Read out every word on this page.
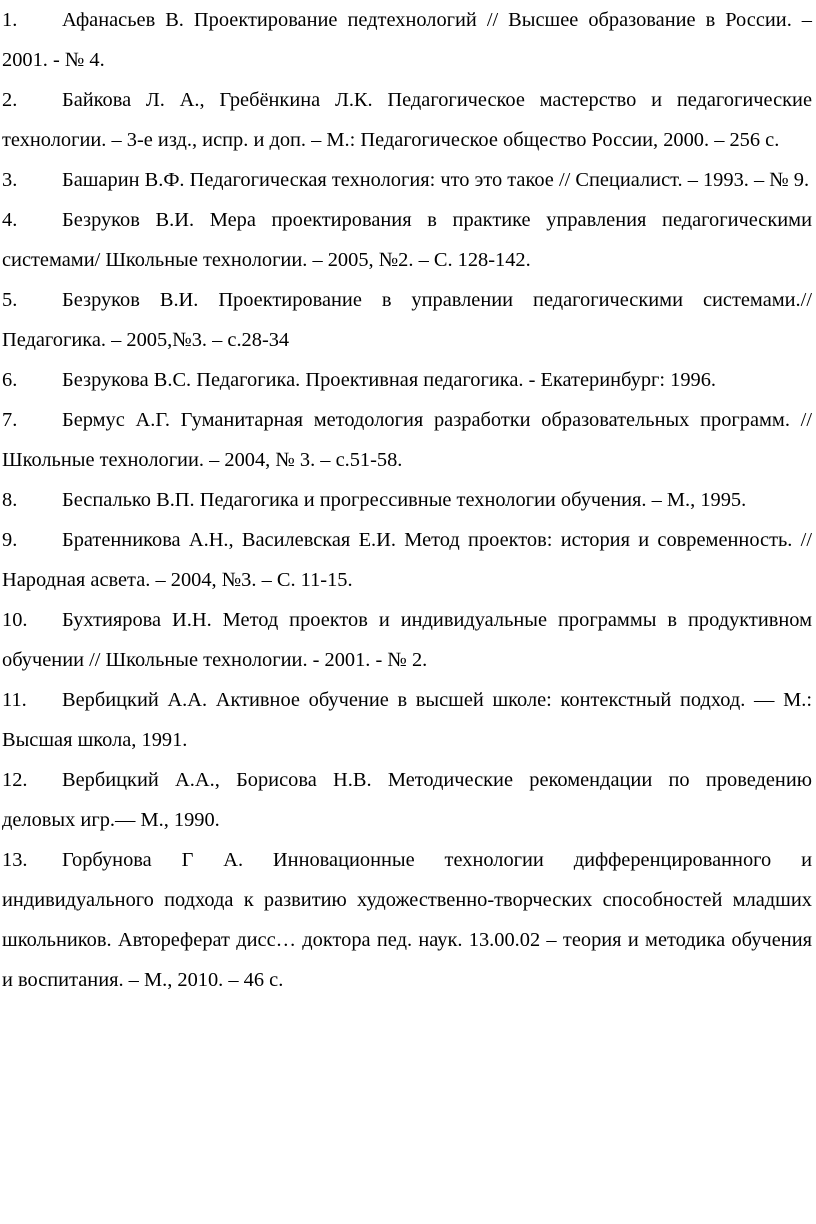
1. Афанасьев В. Проектирование педтехнологий // Высшее образование в России. – 2001. - № 4.

2. Байкова Л. А., Гребёнкина Л.К. Педагогическое мастерство и педагогические технологии. – 3-е изд., испр. и доп. – М.: Педагогическое общество России, 2000. – 256 с.

3. Башарин В.Ф. Педагогическая технология: что это такое // Специалист. – 1993. – № 9.

4. Безруков В.И. Мера проектирования в практике управления педагогическими системами/ Школьные технологии. – 2005, №2. – С. 128-142.

5. Безруков В.И. Проектирование в управлении педагогическими системами.// Педагогика. – 2005,№3. – с.28-34

6. Безрукова В.С. Педагогика. Проективная педагогика. - Екатеринбург: 1996.

7. Бермус А.Г. Гуманитарная методология разработки образовательных программ. // Школьные технологии. – 2004, № 3. – с.51-58.

8. Беспалько В.П. Педагогика и прогрессивные технологии обучения. – М., 1995.

9. Братенникова А.Н., Василевская Е.И. Метод проектов: история и современность. // Народная асвета. – 2004, №3. – С. 11-15.

10. Бухтиярова И.Н. Метод проектов и индивидуальные программы в продуктивном обучении // Школьные технологии. - 2001. - № 2.

11. Вербицкий А.А. Активное обучение в высшей школе: контекстный подход. — М.: Высшая школа, 1991.

12. Вербицкий А.А., Борисова Н.В. Методические рекомендации по проведению деловых игр.— М., 1990.

13. Горбунова Г А. Инновационные технологии дифференцированного и индивидуального подхода к развитию художественно-творческих способностей младших школьников. Автореферат дисс… доктора пед. наук. 13.00.02 – теория и методика обучения и воспитания. – М., 2010. – 46 с.
